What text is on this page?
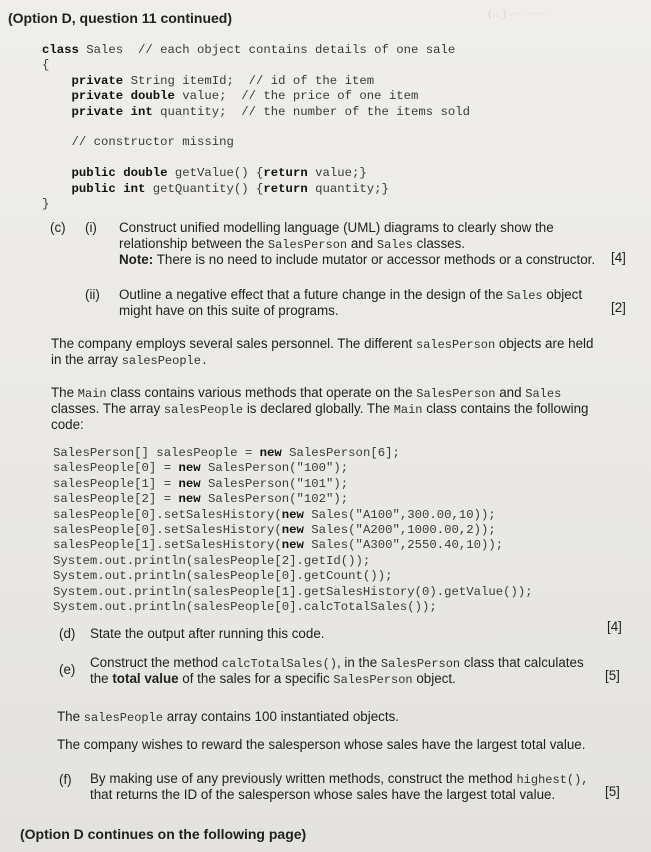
(…) ··· ··· ···
(Option D, question 11 continued)
class Sales  // each object contains details of one sale
{
private String itemId;  // id of the item
private double value;  // the price of one item
private int quantity;  // the number of the items sold

// constructor missing

public double getValue() {return value;}
public int getQuantity() {return quantity;}
}
(c) (i) Construct unified modelling language (UML) diagrams to clearly show the
relationship between the SalesPerson and Sales classes.
Note: There is no need to include mutator or accessor methods or a constructor. [4]
(ii) Outline a negative effect that a future change in the design of the Sales object
might have on this suite of programs.	[2]
The company employs several sales personnel. The different salesPerson objects are held
in the array salesPeople.
The Main class contains various methods that operate on the SalesPerson and Sales
classes. The array salesPeople is declared globally. The Main class contains the following
code:
SalesPerson[] salesPeople = new SalesPerson[6];
salesPeople[0] = new SalesPerson("100");
salesPeople[1] = new SalesPerson("101");
salesPeople[2] = new SalesPerson("102");
salesPeople[0].setSalesHistory(new Sales("A100",300.00,10));
salesPeople[0].setSalesHistory(new Sales("A200",1000.00,2));
salesPeople[1].setSalesHistory(new Sales("A300",2550.40,10));
System.out.println(salesPeople[2].getId());
System.out.println(salesPeople[0].getCount());
System.out.println(salesPeople[1].getSalesHistory(0).getValue());
System.out.println(salesPeople[0].calcTotalSales());
(d) State the output after running this code.	[4]
(e) Construct the method calcTotalSales(), in the SalesPerson class that calculates
the total value of the sales for a specific SalesPerson object.	[5]
The salesPeople array contains 100 instantiated objects.
The company wishes to reward the salesperson whose sales have the largest total value.
(f) By making use of any previously written methods, construct the method highest(),
that returns the ID of the salesperson whose sales have the largest total value.	[5]
(Option D continues on the following page)
